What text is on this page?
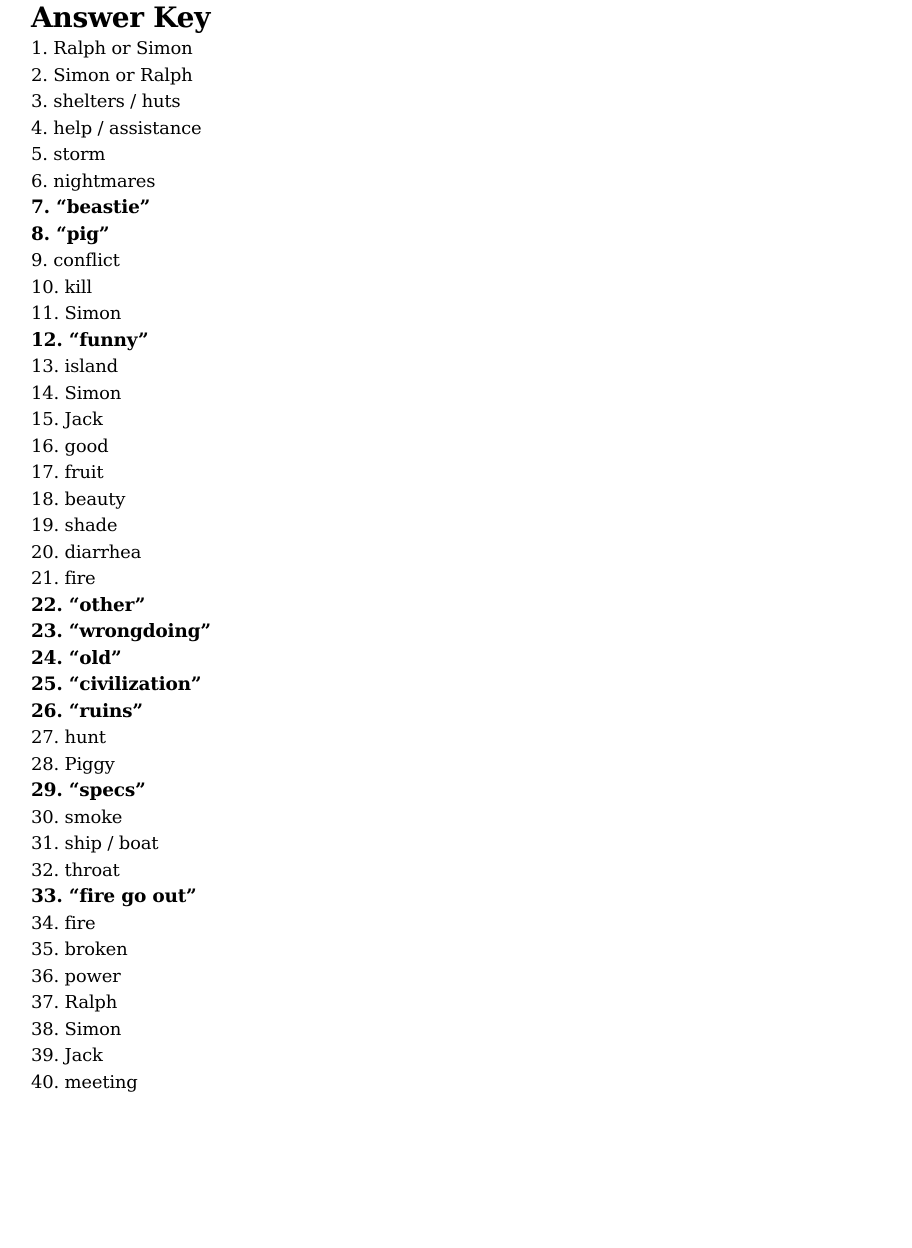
Answer Key
1. Ralph or Simon
2. Simon or Ralph
3. shelters / huts
4. help / assistance
5. storm
6. nightmares
7. “beastie”
8. “pig”
9. conflict
10. kill
11. Simon
12. “funny”
13. island
14. Simon
15. Jack
16. good
17. fruit
18. beauty
19. shade
20. diarrhea
21. fire
22. “other”
23. “wrongdoing”
24. “old”
25. “civilization”
26. “ruins”
27. hunt
28. Piggy
29. “specs”
30. smoke
31. ship / boat
32. throat
33. “fire go out”
34. fire
35. broken
36. power
37. Ralph
38. Simon
39. Jack
40. meeting
